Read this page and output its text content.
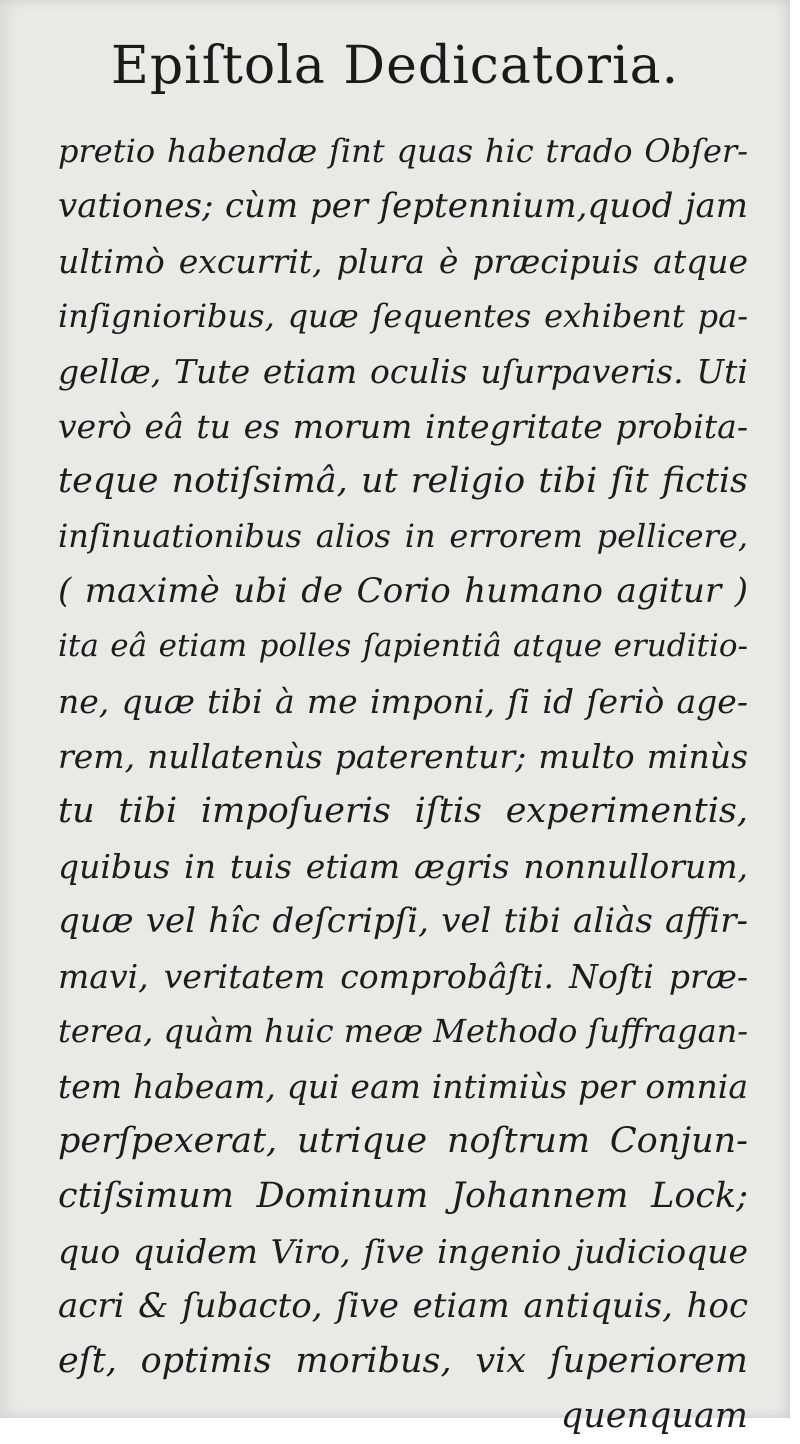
Epiſtola Dedicatoria.
pretio habendæ ſint quas hic trado Obſer-
vationes; cùm per ſeptennium,quod jam
ultimò excurrit, plura è præcipuis atque
inſignioribus, quæ ſequentes exhibent pa-
gellæ, Tute etiam oculis uſurpaveris. Uti
verò eâ tu es morum integritate probita-
teque notiſsimâ, ut religio tibi ſit fictis
inſinuationibus alios in errorem pellicere,
( maximè ubi de Corio humano agitur )
ita eâ etiam polles ſapientiâ atque eruditio-
ne, quæ tibi à me imponi, ſi id ſeriò age-
rem, nullatenùs paterentur; multo minùs
tu tibi impoſueris iſtis experimentis,
quibus in tuis etiam ægris nonnullorum,
quæ vel hîc deſcripſi, vel tibi aliàs affir-
mavi, veritatem comprobâſti. Noſti præ-
terea, quàm huic meæ Methodo ſuffragan-
tem habeam, qui eam intimiùs per omnia
perſpexerat, utrique noſtrum Conjun-
ctiſsimum Dominum Johannem Lock;
quo quidem Viro, ſive ingenio judicioque
acri & ſubacto, ſive etiam antiquis, hoc
eſt, optimis moribus, vix ſuperiorem
quenquam
